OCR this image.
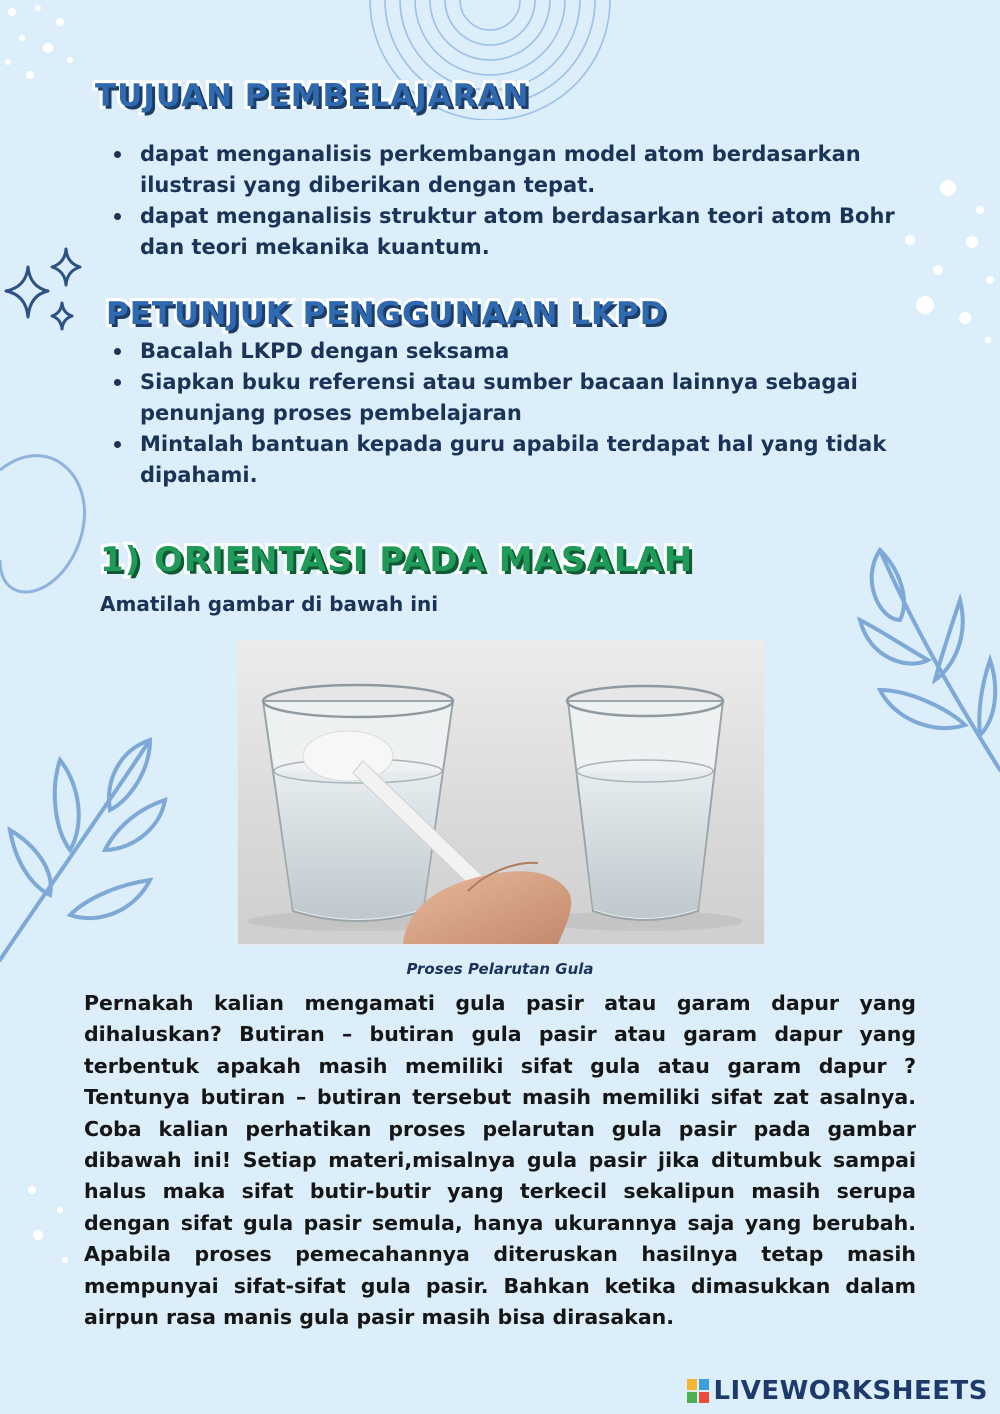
TUJUAN PEMBELAJARAN
dapat menganalisis perkembangan model atom berdasarkan ilustrasi yang diberikan dengan tepat.
dapat menganalisis struktur atom berdasarkan teori atom Bohr dan teori mekanika kuantum.
PETUNJUK PENGGUNAAN LKPD
Bacalah LKPD dengan seksama
Siapkan buku referensi atau sumber bacaan lainnya sebagai penunjang proses pembelajaran
Mintalah bantuan kepada guru apabila terdapat hal yang tidak dipahami.
1) ORIENTASI PADA MASALAH

Amatilah gambar di bawah ini

Proses Pelarutan Gula

Pernakah kalian mengamati gula pasir atau garam dapur yang dihaluskan? Butiran – butiran gula pasir atau garam dapur yang terbentuk apakah masih memiliki sifat gula atau garam dapur ? Tentunya butiran – butiran tersebut masih memiliki sifat zat asalnya. Coba kalian perhatikan proses pelarutan gula pasir pada gambar dibawah ini! Setiap materi,misalnya gula pasir jika ditumbuk sampai halus maka sifat butir-butir yang terkecil sekalipun masih serupa dengan sifat gula pasir semula, hanya ukurannya saja yang berubah. Apabila proses pemecahannya diteruskan hasilnya tetap masih mempunyai sifat-sifat gula pasir. Bahkan ketika dimasukkan dalam airpun rasa manis gula pasir masih bisa dirasakan.

LIVEWORKSHEETS
